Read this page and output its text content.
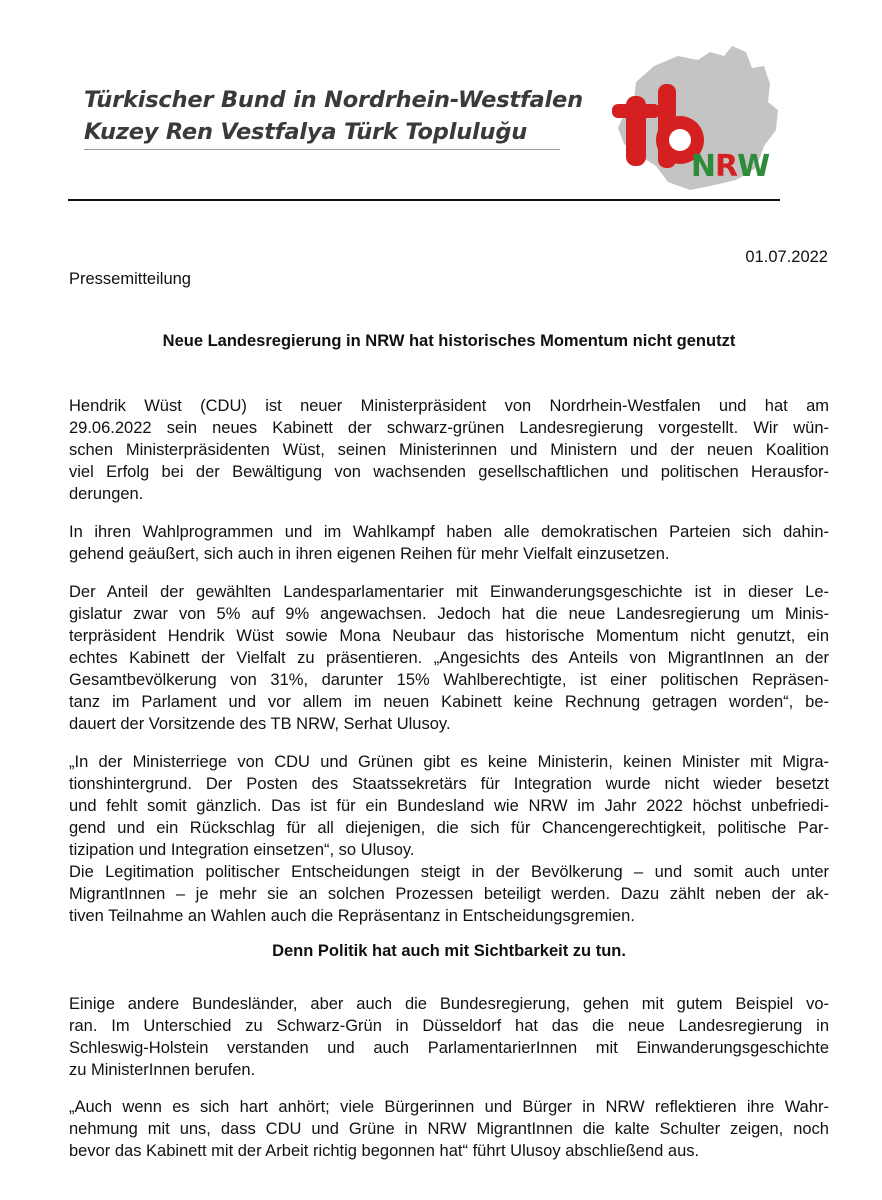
Türkischer Bund in Nordrhein-Westfalen
Kuzey Ren Vestfalya Türk Topluluğu
NRW
01.07.2022
Pressemitteilung
Neue Landesregierung in NRW hat historisches Momentum nicht genutzt
Hendrik Wüst (CDU) ist neuer Ministerpräsident von Nordrhein-Westfalen und hat am
29.06.2022 sein neues Kabinett der schwarz-grünen Landesregierung vorgestellt. Wir wün-
schen Ministerpräsidenten Wüst, seinen Ministerinnen und Ministern und der neuen Koalition
viel Erfolg bei der Bewältigung von wachsenden gesellschaftlichen und politischen Herausfor-
derungen.
In ihren Wahlprogrammen und im Wahlkampf haben alle demokratischen Parteien sich dahin-
gehend geäußert, sich auch in ihren eigenen Reihen für mehr Vielfalt einzusetzen.
Der Anteil der gewählten Landesparlamentarier mit Einwanderungsgeschichte ist in dieser Le-
gislatur zwar von 5% auf 9% angewachsen. Jedoch hat die neue Landesregierung um Minis-
terpräsident Hendrik Wüst sowie Mona Neubaur das historische Momentum nicht genutzt, ein
echtes Kabinett der Vielfalt zu präsentieren. „Angesichts des Anteils von MigrantInnen an der
Gesamtbevölkerung von 31%, darunter 15% Wahlberechtigte, ist einer politischen Repräsen-
tanz im Parlament und vor allem im neuen Kabinett keine Rechnung getragen worden“, be-
dauert der Vorsitzende des TB NRW, Serhat Ulusoy.
„In der Ministerriege von CDU und Grünen gibt es keine Ministerin, keinen Minister mit Migra-
tionshintergrund. Der Posten des Staatssekretärs für Integration wurde nicht wieder besetzt
und fehlt somit gänzlich. Das ist für ein Bundesland wie NRW im Jahr 2022 höchst unbefriedi-
gend und ein Rückschlag für all diejenigen, die sich für Chancengerechtigkeit, politische Par-
tizipation und Integration einsetzen“, so Ulusoy.
Die Legitimation politischer Entscheidungen steigt in der Bevölkerung – und somit auch unter
MigrantInnen – je mehr sie an solchen Prozessen beteiligt werden. Dazu zählt neben der ak-
tiven Teilnahme an Wahlen auch die Repräsentanz in Entscheidungsgremien.
Denn Politik hat auch mit Sichtbarkeit zu tun.
Einige andere Bundesländer, aber auch die Bundesregierung, gehen mit gutem Beispiel vo-
ran. Im Unterschied zu Schwarz-Grün in Düsseldorf hat das die neue Landesregierung in
Schleswig-Holstein verstanden und auch ParlamentarierInnen mit Einwanderungsgeschichte
zu MinisterInnen berufen.
„Auch wenn es sich hart anhört; viele Bürgerinnen und Bürger in NRW reflektieren ihre Wahr-
nehmung mit uns, dass CDU und Grüne in NRW MigrantInnen die kalte Schulter zeigen, noch
bevor das Kabinett mit der Arbeit richtig begonnen hat“ führt Ulusoy abschließend aus.
